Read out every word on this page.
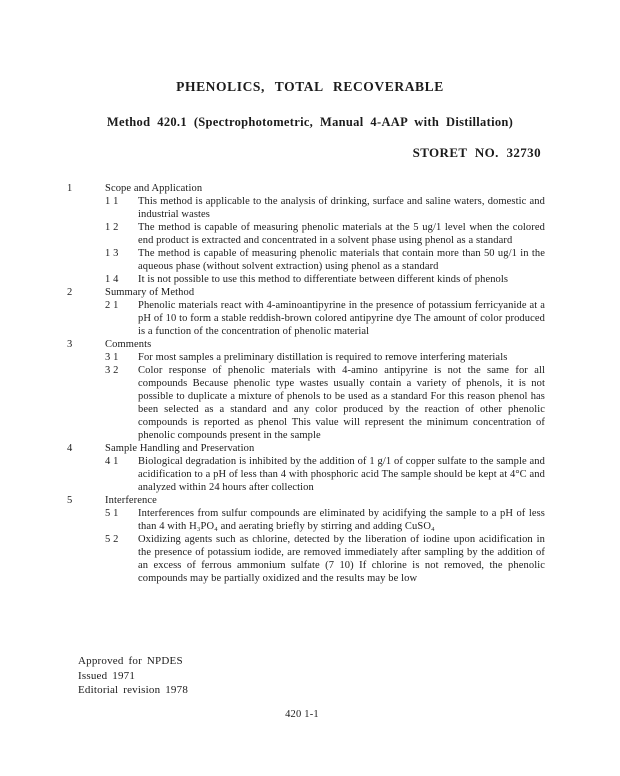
PHENOLICS, TOTAL RECOVERABLE
Method 420.1 (Spectrophotometric, Manual 4-AAP with Distillation)
STORET NO. 32730
1	Scope and Application
1 1	This method is applicable to the analysis of drinking, surface and saline waters, domestic and industrial wastes
1 2	The method is capable of measuring phenolic materials at the 5 ug/1 level when the colored end product is extracted and concentrated in a solvent phase using phenol as a standard
1 3	The method is capable of measuring phenolic materials that contain more than 50 ug/1 in the aqueous phase (without solvent extraction) using phenol as a standard
1 4	It is not possible to use this method to differentiate between different kinds of phenols
2	Summary of Method
2 1	Phenolic materials react with 4-aminoantipyrine in the presence of potassium ferricyanide at a pH of 10 to form a stable reddish-brown colored antipyrine dye The amount of color produced is a function of the concentration of phenolic material
3	Comments
3 1	For most samples a preliminary distillation is required to remove interfering materials
3 2	Color response of phenolic materials with 4-amino antipyrine is not the same for all compounds Because phenolic type wastes usually contain a variety of phenols, it is not possible to duplicate a mixture of phenols to be used as a standard For this reason phenol has been selected as a standard and any color produced by the reaction of other phenolic compounds is reported as phenol This value will represent the minimum concentration of phenolic compounds present in the sample
4	Sample Handling and Preservation
4 1	Biological degradation is inhibited by the addition of 1 g/1 of copper sulfate to the sample and acidification to a pH of less than 4 with phosphoric acid The sample should be kept at 4°C and analyzed within 24 hours after collection
5	Interference
5 1	Interferences from sulfur compounds are eliminated by acidifying the sample to a pH of less than 4 with H₃PO₄ and aerating briefly by stirring and adding CuSO₄
5 2	Oxidizing agents such as chlorine, detected by the liberation of iodine upon acidification in the presence of potassium iodide, are removed immediately after sampling by the addition of an excess of ferrous ammonium sulfate (7 10) If chlorine is not removed, the phenolic compounds may be partially oxidized and the results may be low
Approved for NPDES
Issued 1971
Editorial revision 1978
420 1-1
